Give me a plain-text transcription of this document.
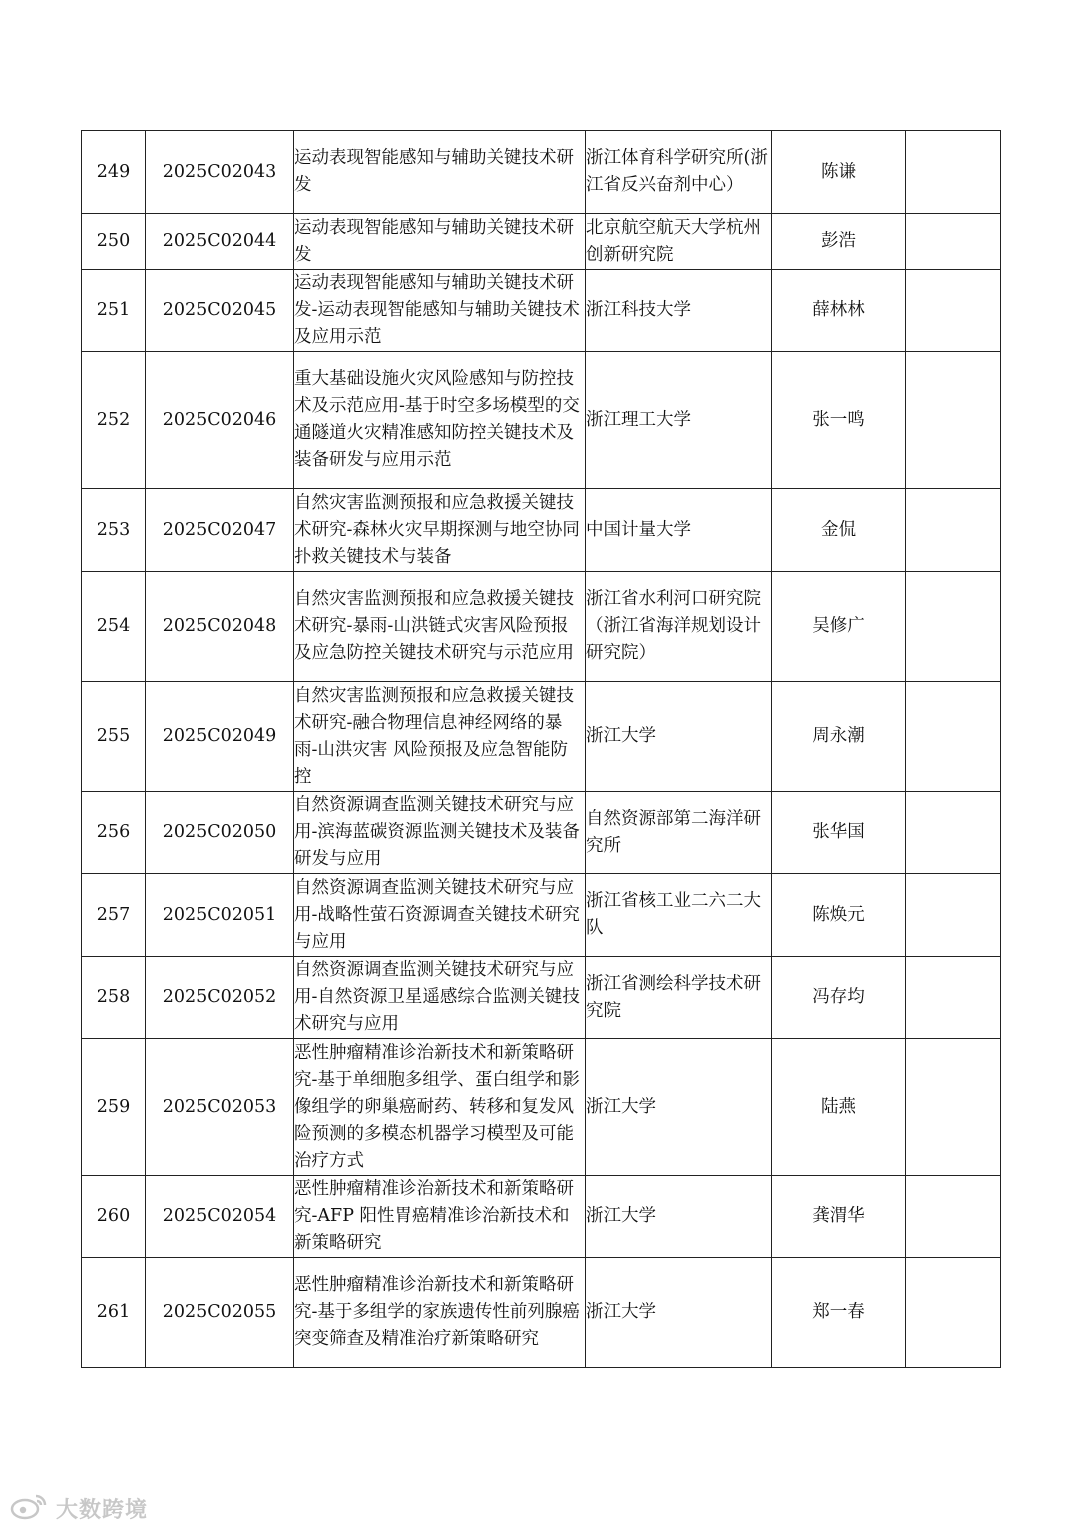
249	2025C02043	运动表现智能感知与辅助关键技术研发	浙江体育科学研究所(浙江省反兴奋剂中心）	陈谦	
250	2025C02044	运动表现智能感知与辅助关键技术研发	北京航空航天大学杭州创新研究院	彭浩	
251	2025C02045	运动表现智能感知与辅助关键技术研发-运动表现智能感知与辅助关键技术及应用示范	浙江科技大学	薛林林	
252	2025C02046	重大基础设施火灾风险感知与防控技术及示范应用-基于时空多场模型的交通隧道火灾精准感知防控关键技术及装备研发与应用示范	浙江理工大学	张一鸣	
253	2025C02047	自然灾害监测预报和应急救援关键技术研究-森林火灾早期探测与地空协同扑救关键技术与装备	中国计量大学	金侃	
254	2025C02048	自然灾害监测预报和应急救援关键技术研究-暴雨-山洪链式灾害风险预报及应急防控关键技术研究与示范应用	浙江省水利河口研究院（浙江省海洋规划设计研究院）	吴修广	
255	2025C02049	自然灾害监测预报和应急救援关键技术研究-融合物理信息神经网络的暴雨-山洪灾害 风险预报及应急智能防控	浙江大学	周永潮	
256	2025C02050	自然资源调查监测关键技术研究与应用-滨海蓝碳资源监测关键技术及装备研发与应用	自然资源部第二海洋研究所	张华国	
257	2025C02051	自然资源调查监测关键技术研究与应用-战略性萤石资源调查关键技术研究与应用	浙江省核工业二六二大队	陈焕元	
258	2025C02052	自然资源调查监测关键技术研究与应用-自然资源卫星遥感综合监测关键技术研究与应用	浙江省测绘科学技术研究院	冯存均	
259	2025C02053	恶性肿瘤精准诊治新技术和新策略研究-基于单细胞多组学、蛋白组学和影像组学的卵巢癌耐药、转移和复发风险预测的多模态机器学习模型及可能治疗方式	浙江大学	陆燕	
260	2025C02054	恶性肿瘤精准诊治新技术和新策略研究-AFP 阳性胃癌精准诊治新技术和新策略研究	浙江大学	龚渭华	
261	2025C02055	恶性肿瘤精准诊治新技术和新策略研究-基于多组学的家族遗传性前列腺癌突变筛查及精准治疗新策略研究	浙江大学	郑一春	
大数跨境
